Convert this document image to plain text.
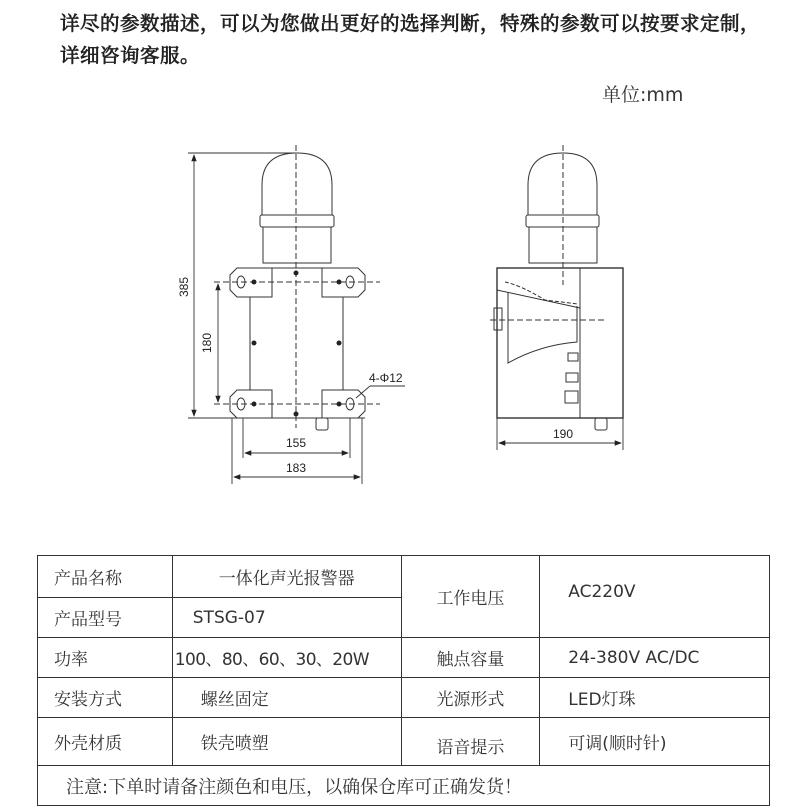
详尽的参数描述，可以为您做出更好的选择判断，特殊的参数可以按要求定制，详细咨询客服。
单位:mm
385
180
155
183
4-Φ12
190
产品名称	一体化声光报警器	工作电压	AC220V
产品型号	STSG-07		
功率	100、80、60、30、20W	触点容量	24-380V AC/DC
安装方式	螺丝固定	光源形式	LED灯珠
外壳材质	铁壳喷塑	语音提示	可调(顺时针)
注意:下单时请备注颜色和电压，以确保仓库可正确发货！			
